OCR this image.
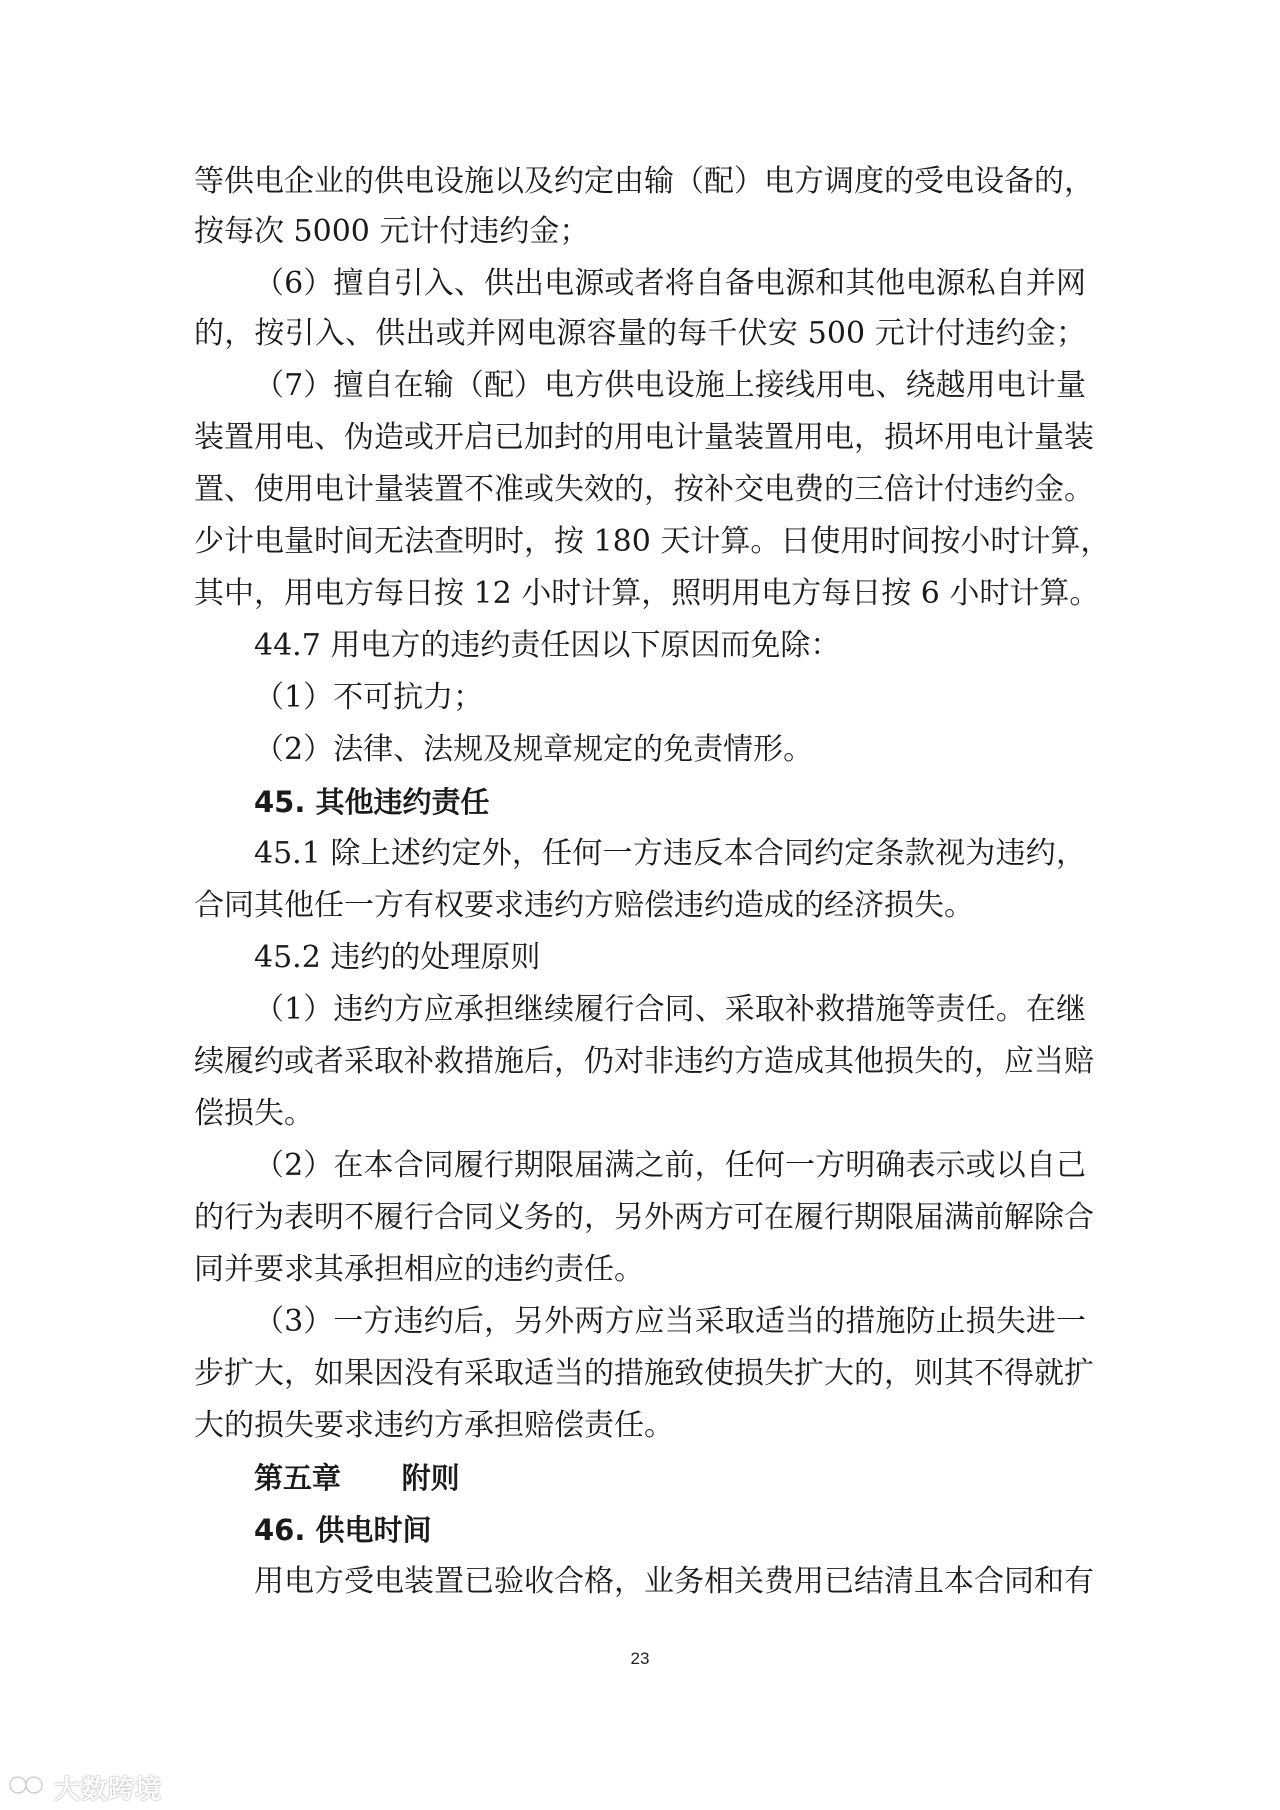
等供电企业的供电设施以及约定由输（配）电方调度的受电设备的，
按每次 5000 元计付违约金；
（6）擅自引入、供出电源或者将自备电源和其他电源私自并网
的，按引入、供出或并网电源容量的每千伏安 500 元计付违约金；
（7）擅自在输（配）电方供电设施上接线用电、绕越用电计量
装置用电、伪造或开启已加封的用电计量装置用电，损坏用电计量装
置、使用电计量装置不准或失效的，按补交电费的三倍计付违约金。
少计电量时间无法查明时，按 180 天计算。日使用时间按小时计算，
其中，用电方每日按 12 小时计算，照明用电方每日按 6 小时计算。
44.7 用电方的违约责任因以下原因而免除：
（1）不可抗力；
（2）法律、法规及规章规定的免责情形。
45. 其他违约责任
45.1 除上述约定外，任何一方违反本合同约定条款视为违约，
合同其他任一方有权要求违约方赔偿违约造成的经济损失。
45.2 违约的处理原则
（1）违约方应承担继续履行合同、采取补救措施等责任。在继
续履约或者采取补救措施后，仍对非违约方造成其他损失的，应当赔
偿损失。
（2）在本合同履行期限届满之前，任何一方明确表示或以自己
的行为表明不履行合同义务的，另外两方可在履行期限届满前解除合
同并要求其承担相应的违约责任。
（3）一方违约后，另外两方应当采取适当的措施防止损失进一
步扩大，如果因没有采取适当的措施致使损失扩大的，则其不得就扩
大的损失要求违约方承担赔偿责任。
第五章      附则
46. 供电时间
用电方受电装置已验收合格，业务相关费用已结清且本合同和有
23
大数跨境
